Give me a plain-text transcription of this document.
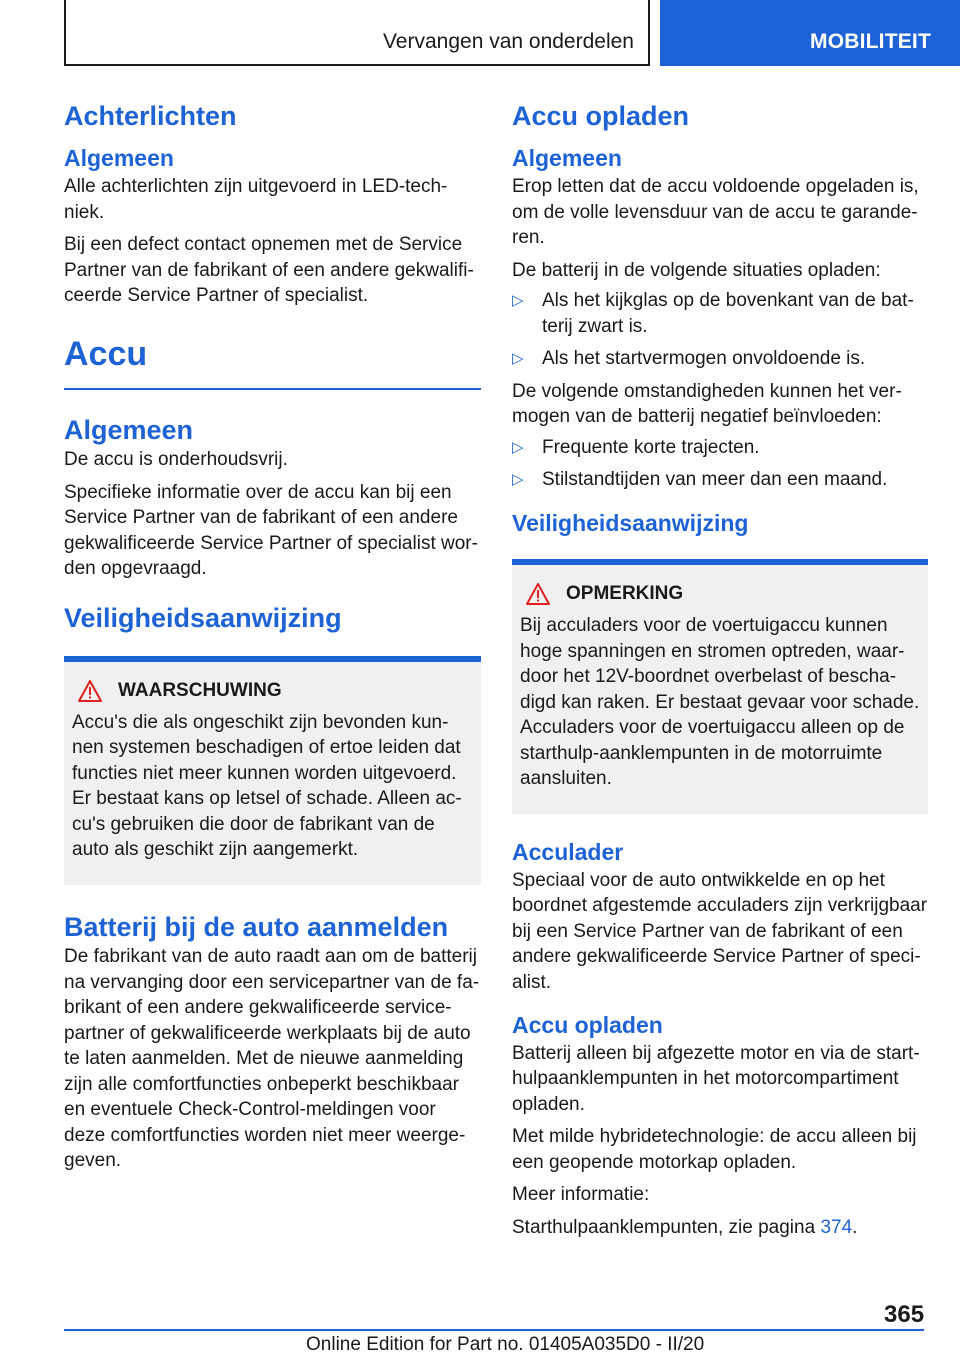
Vervangen van onderdelen	MOBILITEIT
Achterlichten
Algemeen

Alle achterlichten zijn uitgevoerd in LED-tech-niek.

Bij een defect contact opnemen met de Service Partner van de fabrikant of een andere gekwalifi-ceerde Service Partner of specialist.

Accu
Algemeen

De accu is onderhoudsvrij.

Specifieke informatie over de accu kan bij een Service Partner van de fabrikant of een andere gekwalificeerde Service Partner of specialist wor-den opgevraagd.

Veiligheidsaanwijzing
WAARSCHUWING
Accu's die als ongeschikt zijn bevonden kun-nen systemen beschadigen of ertoe leiden dat functies niet meer kunnen worden uitgevoerd. Er bestaat kans op letsel of schade. Alleen ac-cu's gebruiken die door de fabrikant van de auto als geschikt zijn aangemerkt.
Batterij bij de auto aanmelden

De fabrikant van de auto raadt aan om de batterij na vervanging door een servicepartner van de fa-brikant of een andere gekwalificeerde service-partner of gekwalificeerde werkplaats bij de auto te laten aanmelden. Met de nieuwe aanmelding zijn alle comfortfuncties onbeperkt beschikbaar en eventuele Check-Control-meldingen voor deze comfortfuncties worden niet meer weerge-geven.

Accu opladen
Algemeen

Erop letten dat de accu voldoende opgeladen is, om de volle levensduur van de accu te garande-ren.

De batterij in de volgende situaties opladen:

▷ Als het kijkglas op de bovenkant van de bat-terij zwart is.
▷ Als het startvermogen onvoldoende is.

De volgende omstandigheden kunnen het ver-mogen van de batterij negatief beïnvloeden:

▷ Frequente korte trajecten.
▷ Stilstandtijden van meer dan een maand.
Veiligheidsaanwijzing
OPMERKING
Bij acculaders voor de voertuigaccu kunnen hoge spanningen en stromen optreden, waar-door het 12V-boordnet overbelast of bescha-digd kan raken. Er bestaat gevaar voor schade. Acculaders voor de voertuigaccu alleen op de starthulp-aanklempunten in de motorruimte aansluiten.
Acculader

Speciaal voor de auto ontwikkelde en op het boordnet afgestemde acculaders zijn verkrijgbaar bij een Service Partner van de fabrikant of een andere gekwalificeerde Service Partner of speci-alist.

Accu opladen

Batterij alleen bij afgezette motor en via de start-hulpaanklempunten in het motorcompartiment opladen.

Met milde hybridetechnologie: de accu alleen bij een geopende motorkap opladen.

Meer informatie:

Starthulpaanklempunten, zie pagina 374.

365
Online Edition for Part no. 01405A035D0 - II/20
